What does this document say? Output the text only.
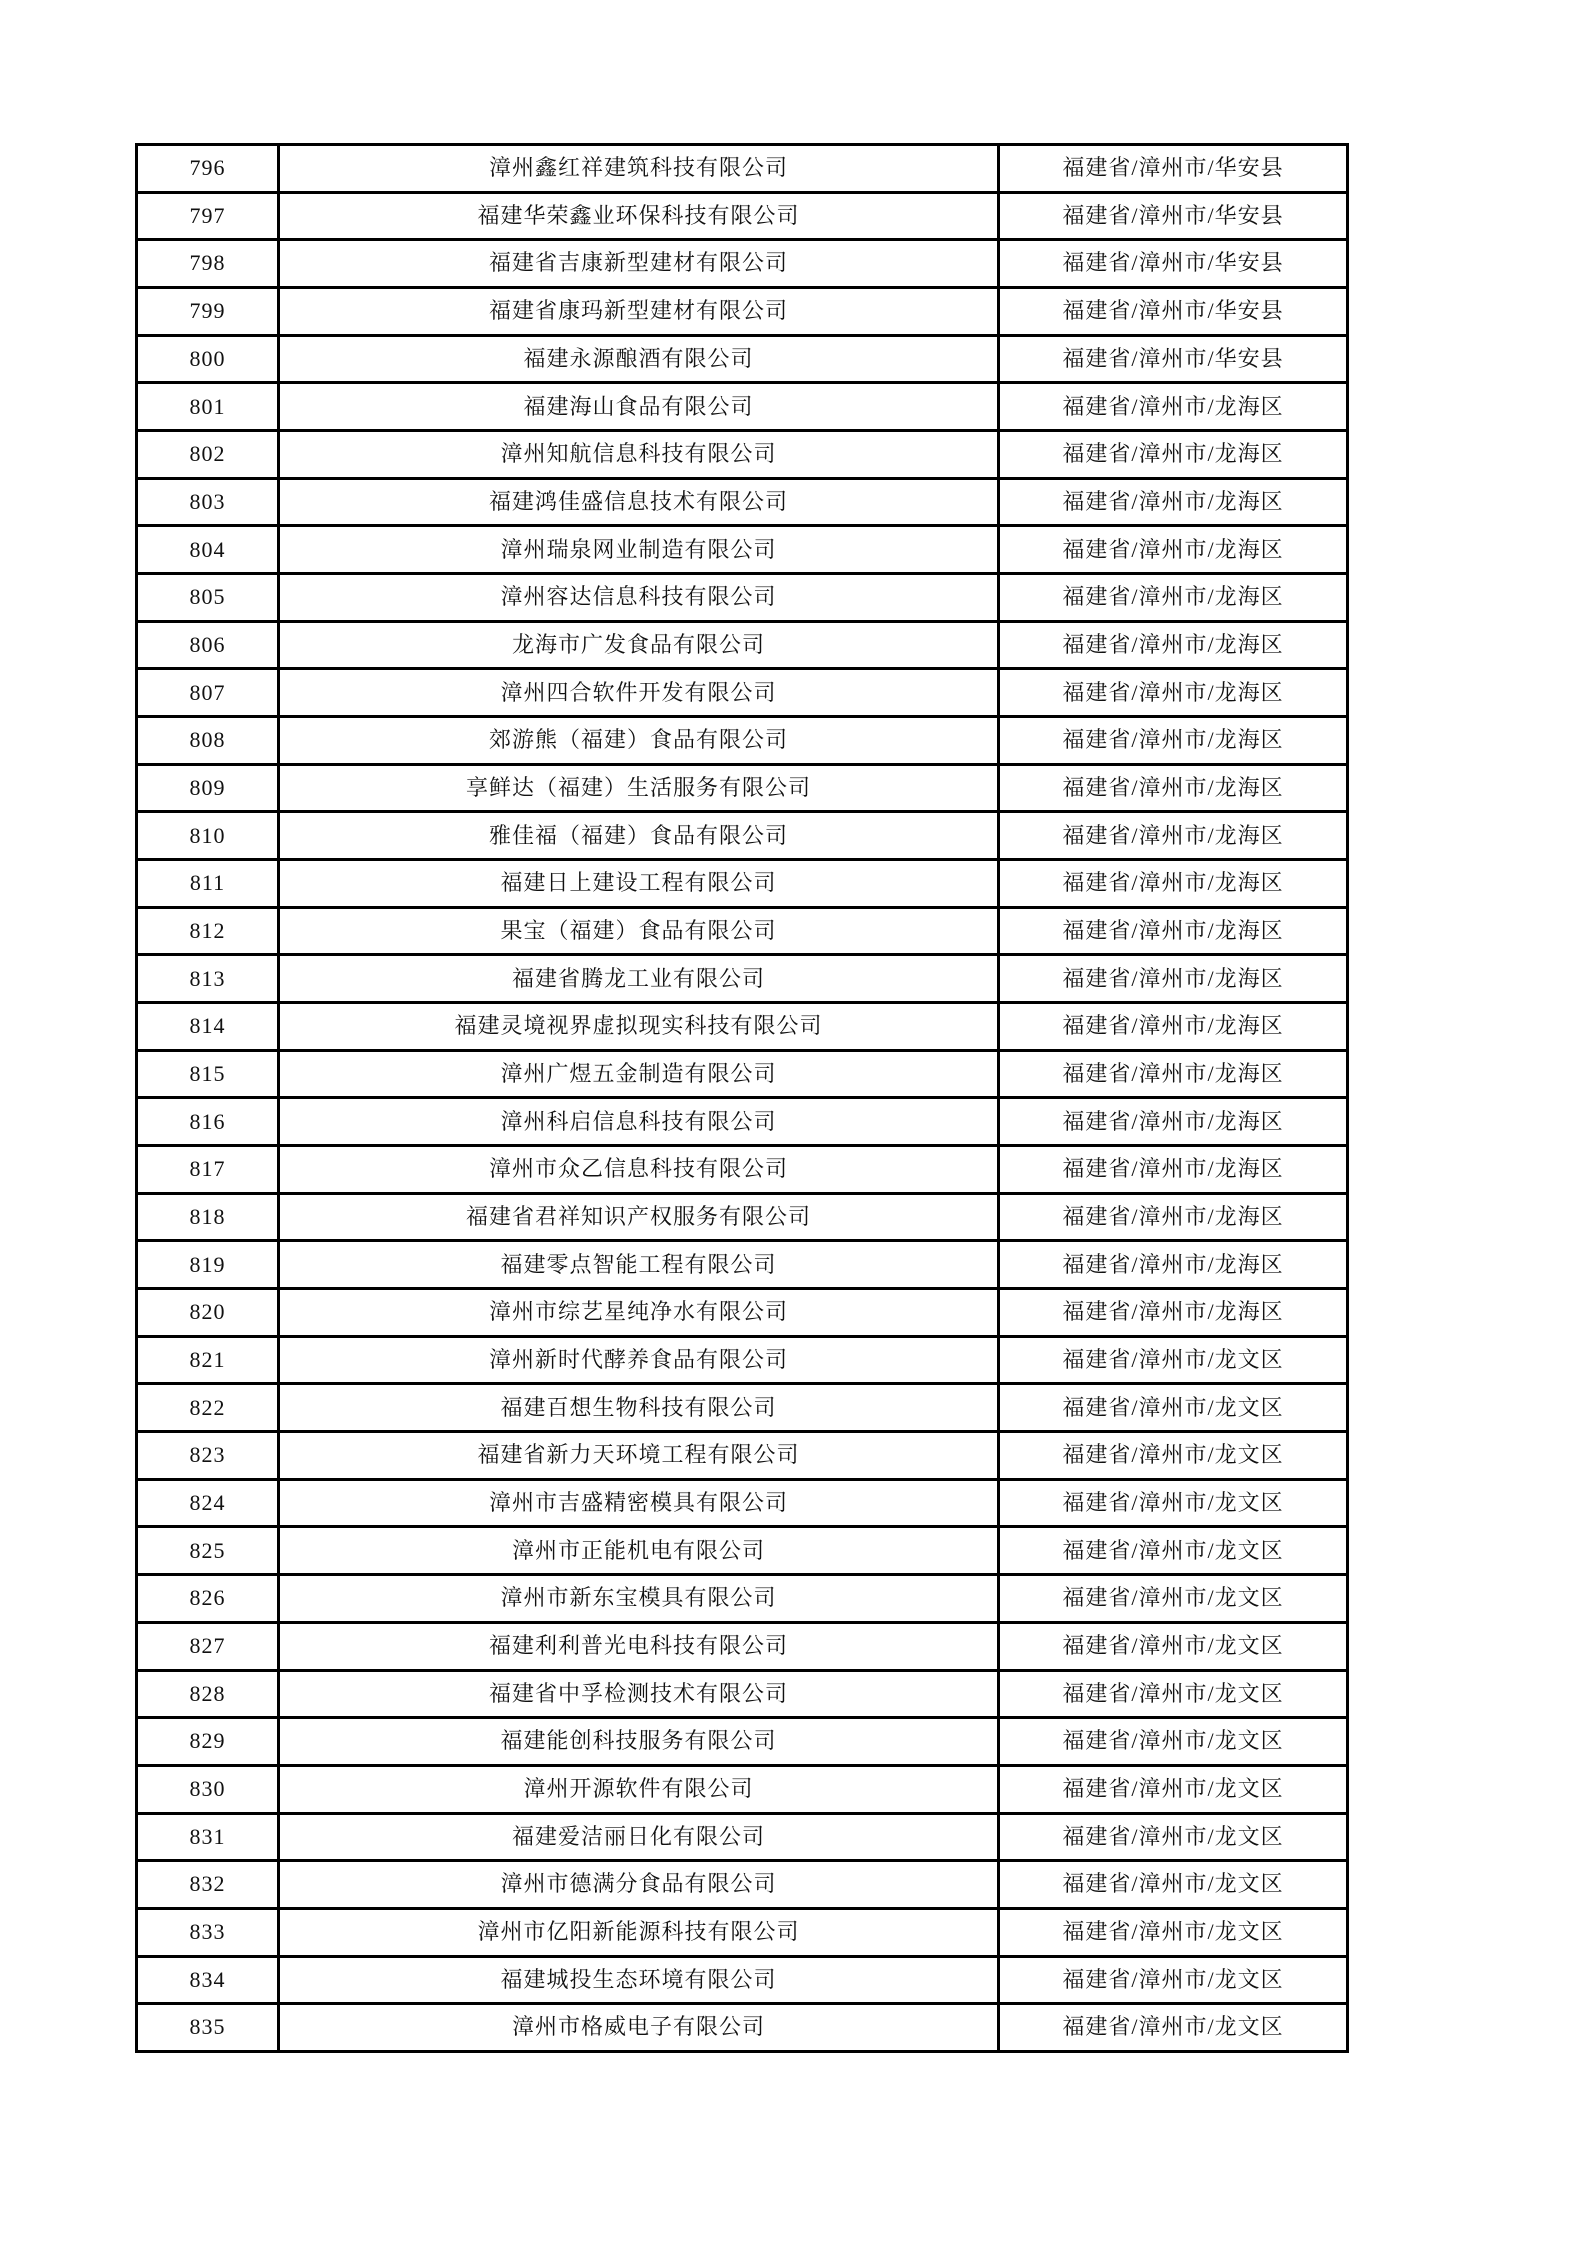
796	漳州鑫红祥建筑科技有限公司	福建省/漳州市/华安县
797	福建华荣鑫业环保科技有限公司	福建省/漳州市/华安县
798	福建省吉康新型建材有限公司	福建省/漳州市/华安县
799	福建省康玛新型建材有限公司	福建省/漳州市/华安县
800	福建永源酿酒有限公司	福建省/漳州市/华安县
801	福建海山食品有限公司	福建省/漳州市/龙海区
802	漳州知航信息科技有限公司	福建省/漳州市/龙海区
803	福建鸿佳盛信息技术有限公司	福建省/漳州市/龙海区
804	漳州瑞泉网业制造有限公司	福建省/漳州市/龙海区
805	漳州容达信息科技有限公司	福建省/漳州市/龙海区
806	龙海市广发食品有限公司	福建省/漳州市/龙海区
807	漳州四合软件开发有限公司	福建省/漳州市/龙海区
808	郊游熊（福建）食品有限公司	福建省/漳州市/龙海区
809	享鲜达（福建）生活服务有限公司	福建省/漳州市/龙海区
810	雅佳福（福建）食品有限公司	福建省/漳州市/龙海区
811	福建日上建设工程有限公司	福建省/漳州市/龙海区
812	果宝（福建）食品有限公司	福建省/漳州市/龙海区
813	福建省腾龙工业有限公司	福建省/漳州市/龙海区
814	福建灵境视界虚拟现实科技有限公司	福建省/漳州市/龙海区
815	漳州广煜五金制造有限公司	福建省/漳州市/龙海区
816	漳州科启信息科技有限公司	福建省/漳州市/龙海区
817	漳州市众乙信息科技有限公司	福建省/漳州市/龙海区
818	福建省君祥知识产权服务有限公司	福建省/漳州市/龙海区
819	福建零点智能工程有限公司	福建省/漳州市/龙海区
820	漳州市综艺星纯净水有限公司	福建省/漳州市/龙海区
821	漳州新时代酵养食品有限公司	福建省/漳州市/龙文区
822	福建百想生物科技有限公司	福建省/漳州市/龙文区
823	福建省新力天环境工程有限公司	福建省/漳州市/龙文区
824	漳州市吉盛精密模具有限公司	福建省/漳州市/龙文区
825	漳州市正能机电有限公司	福建省/漳州市/龙文区
826	漳州市新东宝模具有限公司	福建省/漳州市/龙文区
827	福建利利普光电科技有限公司	福建省/漳州市/龙文区
828	福建省中孚检测技术有限公司	福建省/漳州市/龙文区
829	福建能创科技服务有限公司	福建省/漳州市/龙文区
830	漳州开源软件有限公司	福建省/漳州市/龙文区
831	福建爱洁丽日化有限公司	福建省/漳州市/龙文区
832	漳州市德满分食品有限公司	福建省/漳州市/龙文区
833	漳州市亿阳新能源科技有限公司	福建省/漳州市/龙文区
834	福建城投生态环境有限公司	福建省/漳州市/龙文区
835	漳州市格威电子有限公司	福建省/漳州市/龙文区
